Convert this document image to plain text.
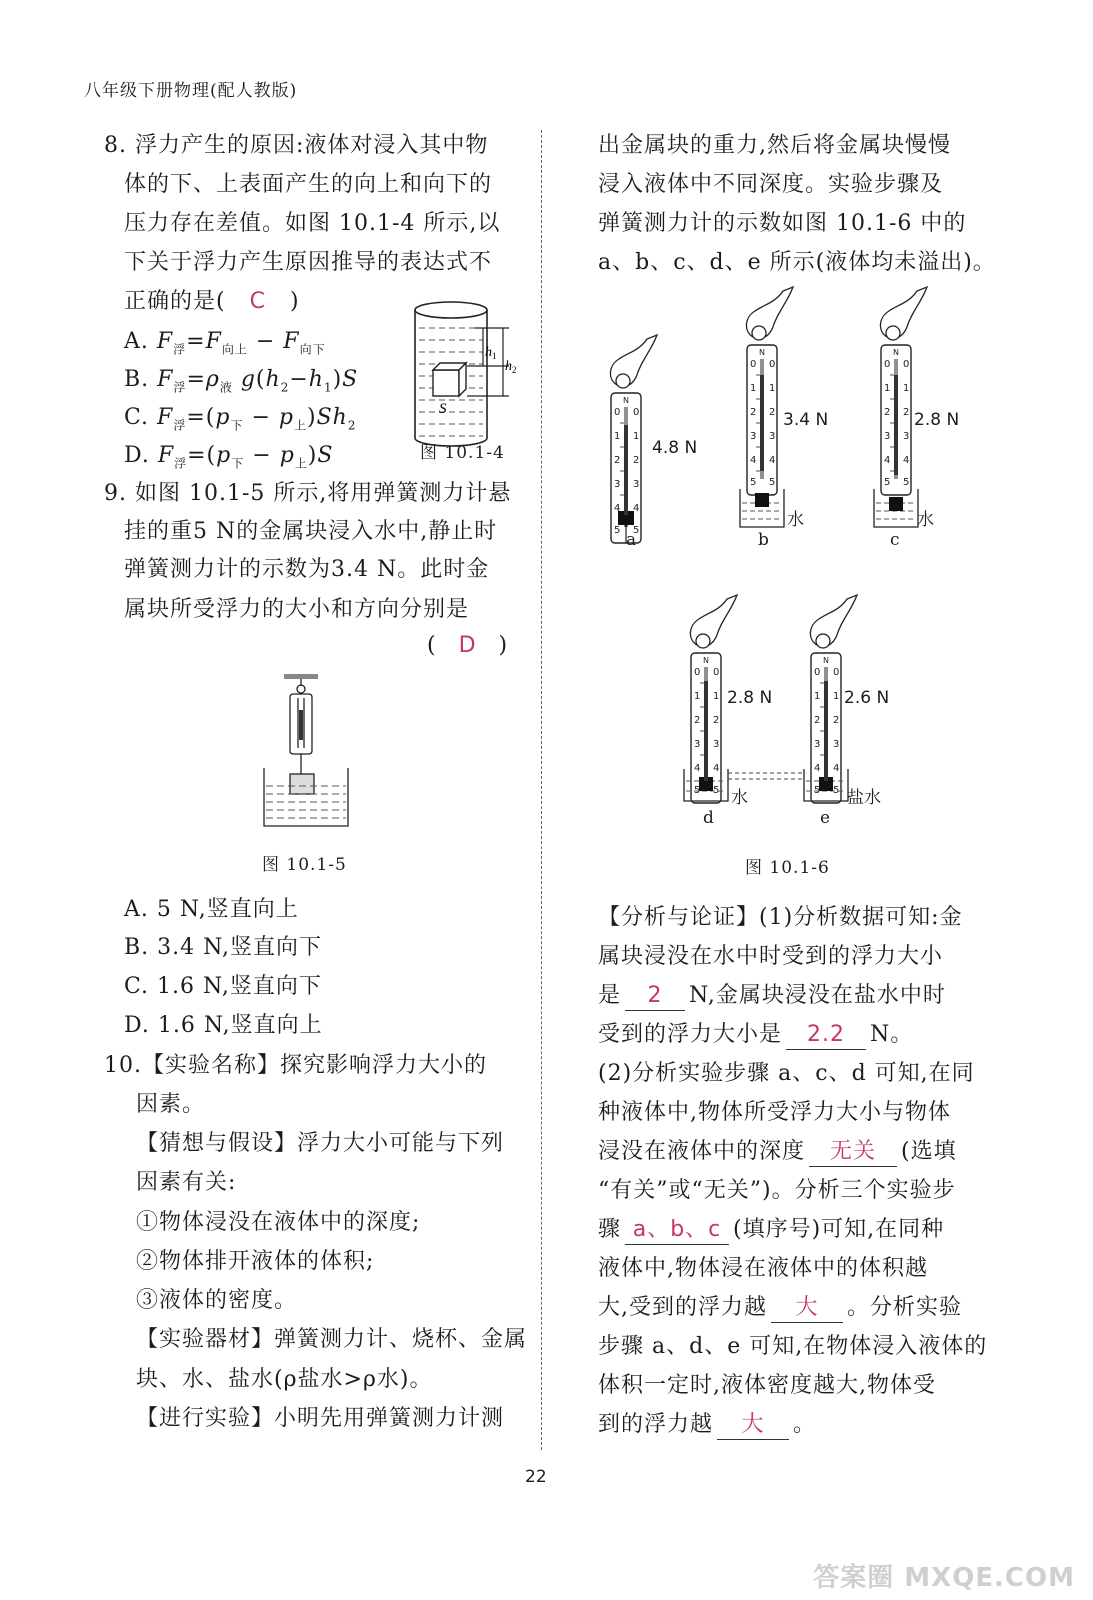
八年级下册物理(配人教版)
8. 浮力产生的原因:液体对浸入其中物
体的下、上表面产生的向上和向下的
压力存在差值。如图 10.1-4 所示,以
下关于浮力产生原因推导的表达式不
正确的是( C )
A. $F_浮=F_{向上} - F_{向下}$
B. $F_浮=\rho_液$ $g(h_2-h_1)S$
C. $F_浮=(p_下 - p_上)Sh_2$
D. $F_浮=(p_下 - p_上)S$
h 1
h 2
S
图 10.1-4
9. 如图 10.1-5 所示,将用弹簧测力计悬
挂的重5 N的金属块浸入水中,静止时
弹簧测力计的示数为3.4 N。此时金
属块所受浮力的大小和方向分别是
( D )
图 10.1-5
A. 5 N,竖直向上
B. 3.4 N,竖直向下
C. 1.6 N,竖直向下
D. 1.6 N,竖直向上
10.【实验名称】探究影响浮力大小的
因素。
【猜想与假设】浮力大小可能与下列
因素有关:
①物体浸没在液体中的深度;
②物体排开液体的体积;
③液体的密度。
【实验器材】弹簧测力计、烧杯、金属
块、水、盐水(ρ盐水>ρ水)。
【进行实验】小明先用弹簧测力计测
出金属块的重力,然后将金属块慢慢
浸入液体中不同深度。实验步骤及
弹簧测力计的示数如图 10.1-6 中的
a、b、c、d、e 所示(液体均未溢出)。
0	0
1	1
2	2
3	3
4	4
5	5
N
4.8 N
3.4 N	2.8 N
2.8 N	2.6 N
水	水
水	盐水
a	b	c
d	e
图 10.1-6
【分析与论证】(1)分析数据可知:金
属块浸没在水中时受到的浮力大小
是 2 N,金属块浸没在盐水中时
受到的浮力大小是 2.2 N。
(2)分析实验步骤 a、c、d 可知,在同
种液体中,物体所受浮力大小与物体
浸没在液体中的深度 无关 (选填
“有关”或“无关”)。分析三个实验步
骤 a、b、c (填序号)可知,在同种
液体中,物体浸在液体中的体积越
大,受到的浮力越 大 。分析实验
步骤 a、d、e 可知,在物体浸入液体的
体积一定时,液体密度越大,物体受
到的浮力越 大 。
22
答案圈 MXQE.COM
